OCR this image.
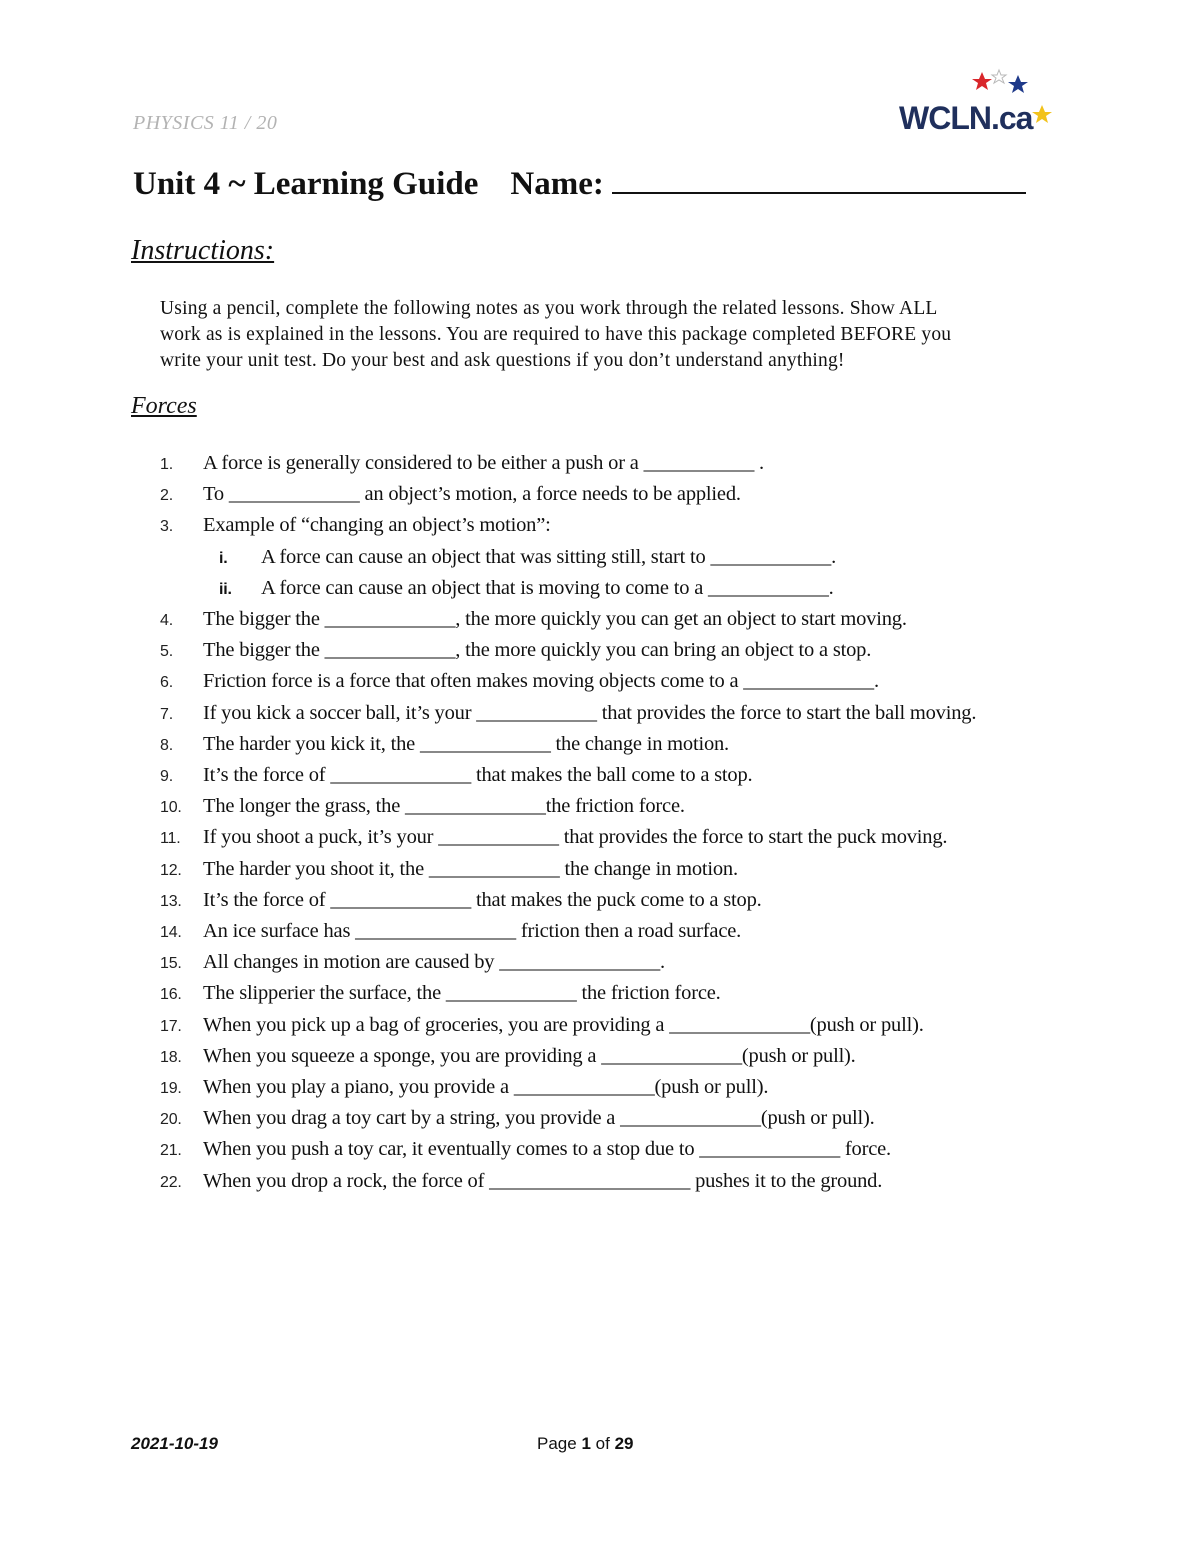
PHYSICS 11 / 20	WCLN.ca
Unit 4 ~ Learning Guide Name:
Instructions:
Using a pencil, complete the following notes as you work through the related lessons. Show ALL
work as is explained in the lessons. You are required to have this package completed BEFORE you
write your unit test. Do your best and ask questions if you don’t understand anything!
Forces
1.	A force is generally considered to be either a push or a ___________ .
2.	To _____________ an object’s motion, a force needs to be applied.
3.	Example of “changing an object’s motion”:
i. A force can cause an object that was sitting still, start to ____________.
ii. A force can cause an object that is moving to come to a ____________.
4.	The bigger the _____________, the more quickly you can get an object to start moving.
5.	The bigger the _____________, the more quickly you can bring an object to a stop.
6.	Friction force is a force that often makes moving objects come to a _____________.
7.	If you kick a soccer ball, it’s your ____________ that provides the force to start the ball moving.
8.	The harder you kick it, the _____________ the change in motion.
9.	It’s the force of ______________ that makes the ball come to a stop.
10.	The longer the grass, the ______________the friction force.
11.	If you shoot a puck, it’s your ____________ that provides the force to start the puck moving.
12.	The harder you shoot it, the _____________ the change in motion.
13.	It’s the force of ______________ that makes the puck come to a stop.
14.	An ice surface has ________________ friction then a road surface.
15.	All changes in motion are caused by ________________.
16.	The slipperier the surface, the _____________ the friction force.
17.	When you pick up a bag of groceries, you are providing a ______________(push or pull).
18.	When you squeeze a sponge, you are providing a ______________(push or pull).
19.	When you play a piano, you provide a ______________(push or pull).
20.	When you drag a toy cart by a string, you provide a ______________(push or pull).
21.	When you push a toy car, it eventually comes to a stop due to ______________ force.
22.	When you drop a rock, the force of ____________________ pushes it to the ground.
2021-10-19	Page 1 of 29
